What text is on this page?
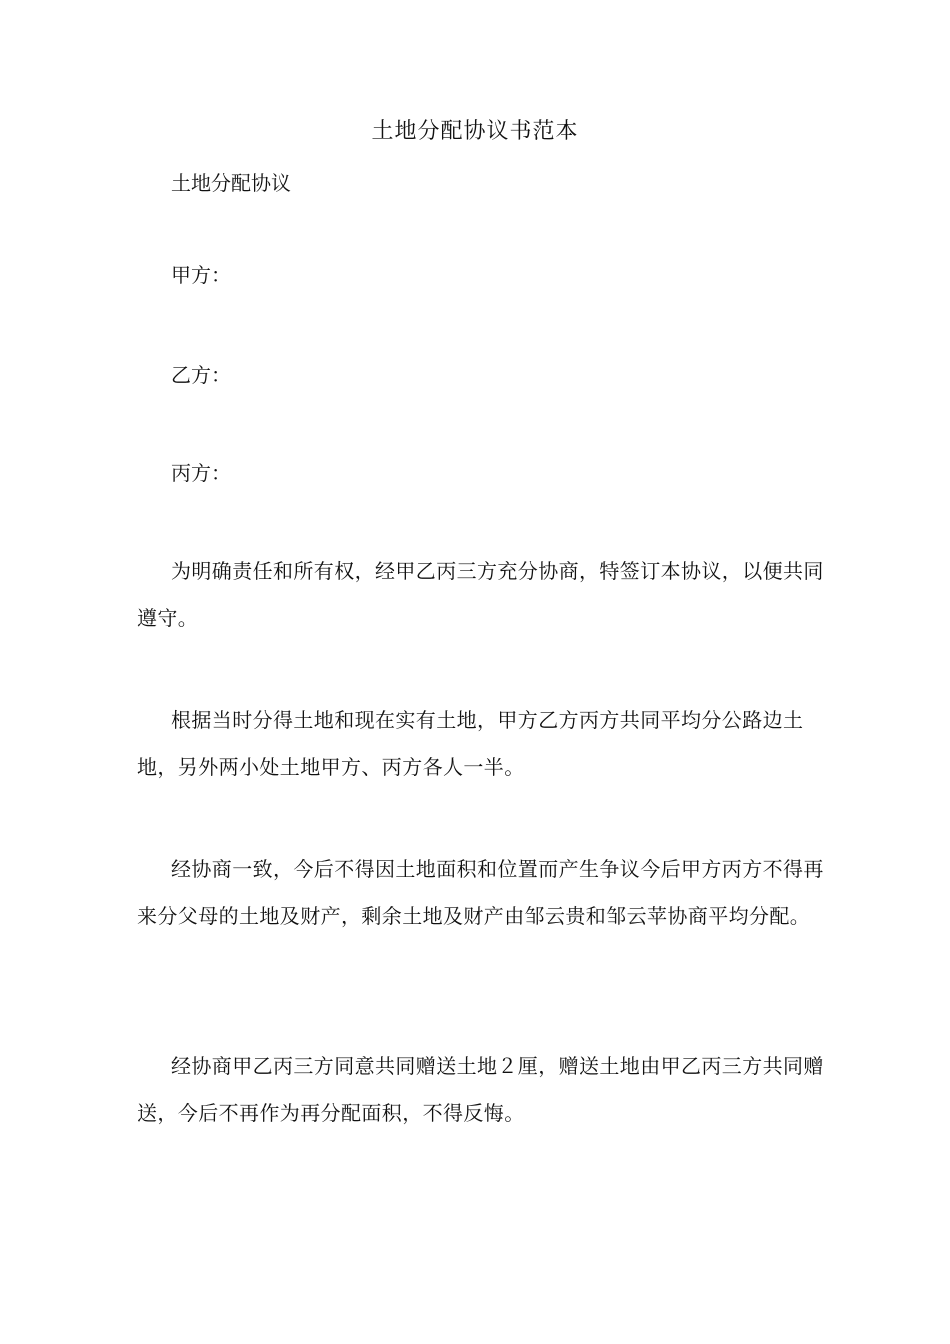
土地分配协议书范本

土地分配协议

甲方：

乙方：

丙方：

为明确责任和所有权，经甲乙丙三方充分协商，特签订本协议，以便共同遵守。

根据当时分得土地和现在实有土地，甲方乙方丙方共同平均分公路边土地，另外两小处土地甲方、丙方各人一半。

经协商一致，今后不得因土地面积和位置而产生争议今后甲方丙方不得再来分父母的土地及财产，剩余土地及财产由邹云贵和邹云苹协商平均分配。

经协商甲乙丙三方同意共同赠送土地２厘，赠送土地由甲乙丙三方共同赠送，今后不再作为再分配面积，不得反悔。
